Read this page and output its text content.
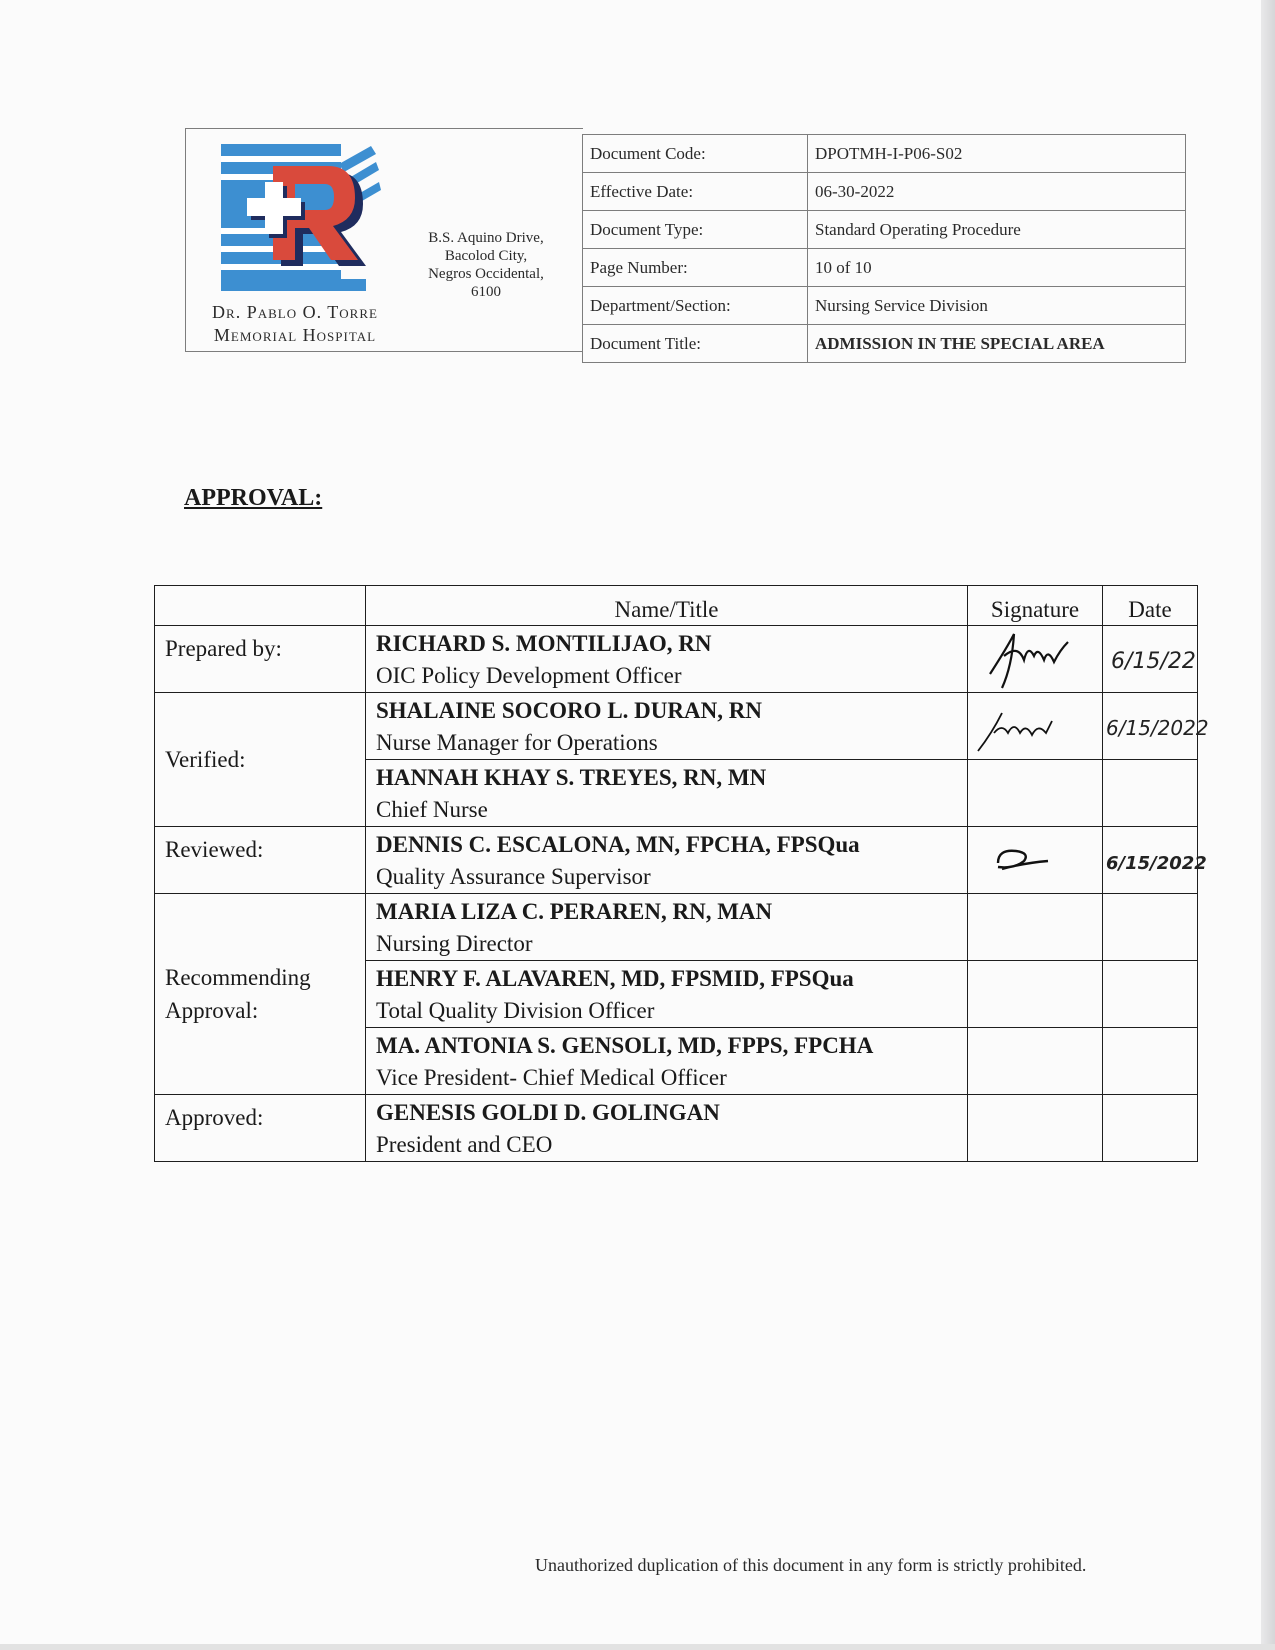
Dr. Pablo O. Torre Memorial Hospital
B.S. Aquino Drive,
Bacolod City,
Negros Occidental,
6100
Document Code:	DPOTMH-I-P06-S02
Effective Date:	06-30-2022
Document Type:	Standard Operating Procedure
Page Number:	10 of 10
Department/Section:	Nursing Service Division
Document Title:	ADMISSION IN THE SPECIAL AREA
APPROVAL:
	Name/Title	Signature	Date
Prepared by:	RICHARD S. MONTILIJAO, RN
OIC Policy Development Officer		6/15/22

Verified:	SHALAINE SOCORO L. DURAN, RN
Nurse Manager for Operations		6/15/2022

	HANNAH KHAY S. TREYES, RN, MN
Chief Nurse		

Reviewed:	DENNIS C. ESCALONA, MN, FPCHA, FPSQua
Quality Assurance Supervisor		6/15/2022

Recommending
Approval:	MARIA LIZA C. PERAREN, RN, MAN
Nursing Director		

	HENRY F. ALAVAREN, MD, FPSMID, FPSQua
Total Quality Division Officer		

	MA. ANTONIA S. GENSOLI, MD, FPPS, FPCHA
Vice President- Chief Medical Officer		

Approved:	GENESIS GOLDI D. GOLINGAN
President and CEO		

Unauthorized duplication of this document in any form is strictly prohibited.
